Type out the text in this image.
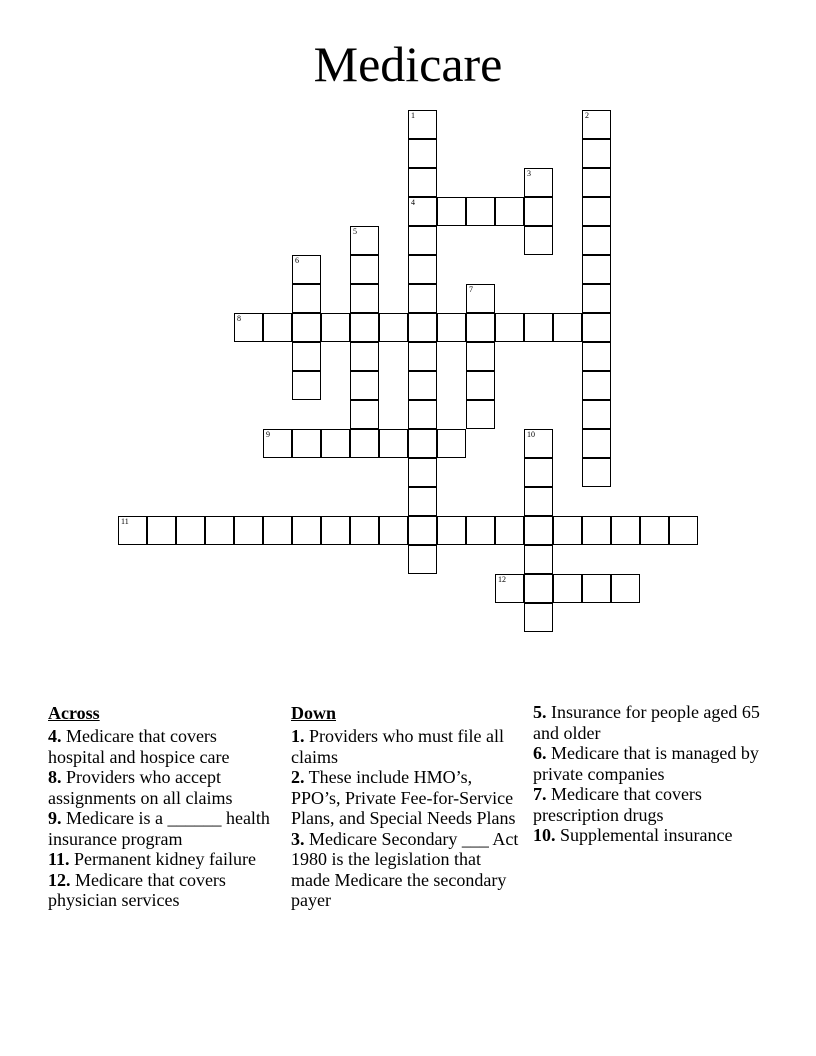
Medicare
1
4
2
3
5
6
7
8
9	10
11
12
Across
4. Medicare that covers hospital and hospice care
8. Providers who accept assignments on all claims
9. Medicare is a ______ health insurance program
11. Permanent kidney failure
12. Medicare that covers physician services
Down
1. Providers who must file all claims
2. These include HMO’s, PPO’s, Private Fee-for-Service Plans, and Special Needs Plans
3. Medicare Secondary ___ Act 1980 is the legislation that made Medicare the secondary payer
5. Insurance for people aged 65 and older
6. Medicare that is managed by private companies
7. Medicare that covers prescription drugs
10. Supplemental insurance
